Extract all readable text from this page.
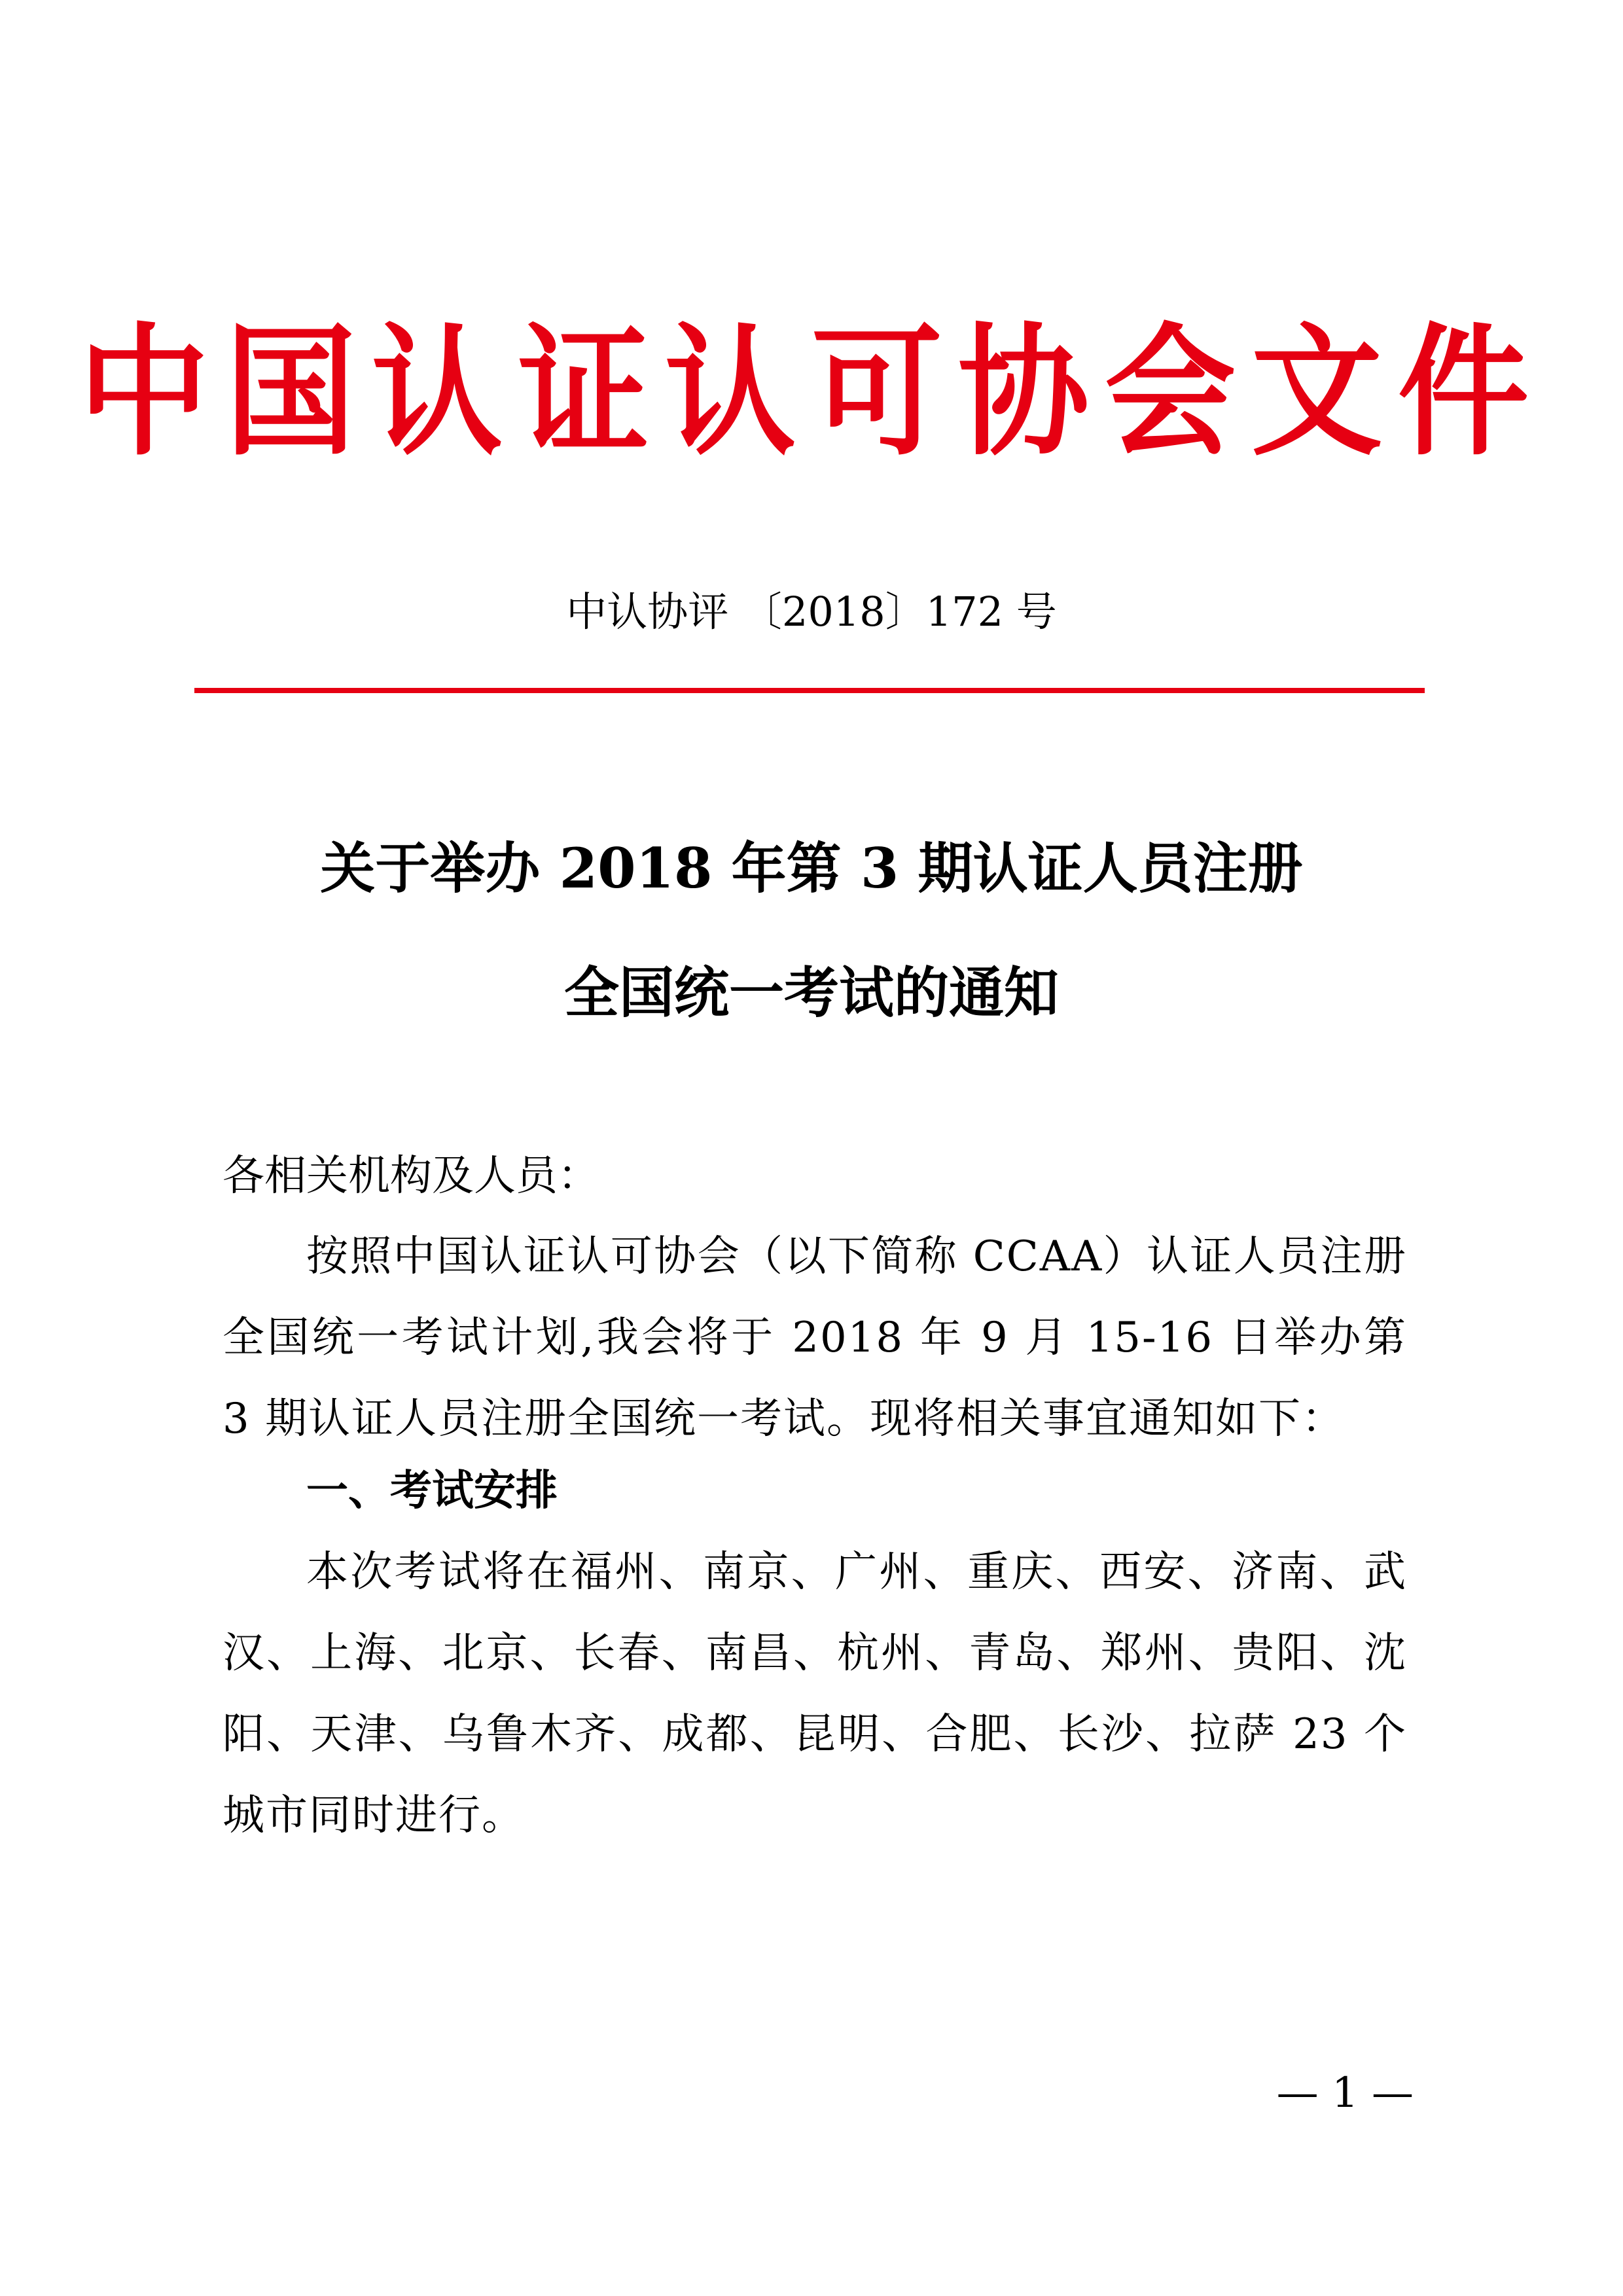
中国认证认可协会文件
中认协评 〔2018〕172 号
关于举办 2018 年第 3 期认证人员注册
全国统一考试的通知
各相关机构及人员：
按照中国认证认可协会（以下简称 CCAA）认证人员注册全国统一考试计划,我会将于 2018 年 9 月 15-16 日举办第 3 期认证人员注册全国统一考试。现将相关事宜通知如下：
一、考试安排
本次考试将在福州、南京、广州、重庆、西安、济南、武汉、上海、北京、长春、南昌、杭州、青岛、郑州、贵阳、沈阳、天津、乌鲁木齐、成都、昆明、合肥、长沙、拉萨 23 个城市同时进行。
— 1 —
